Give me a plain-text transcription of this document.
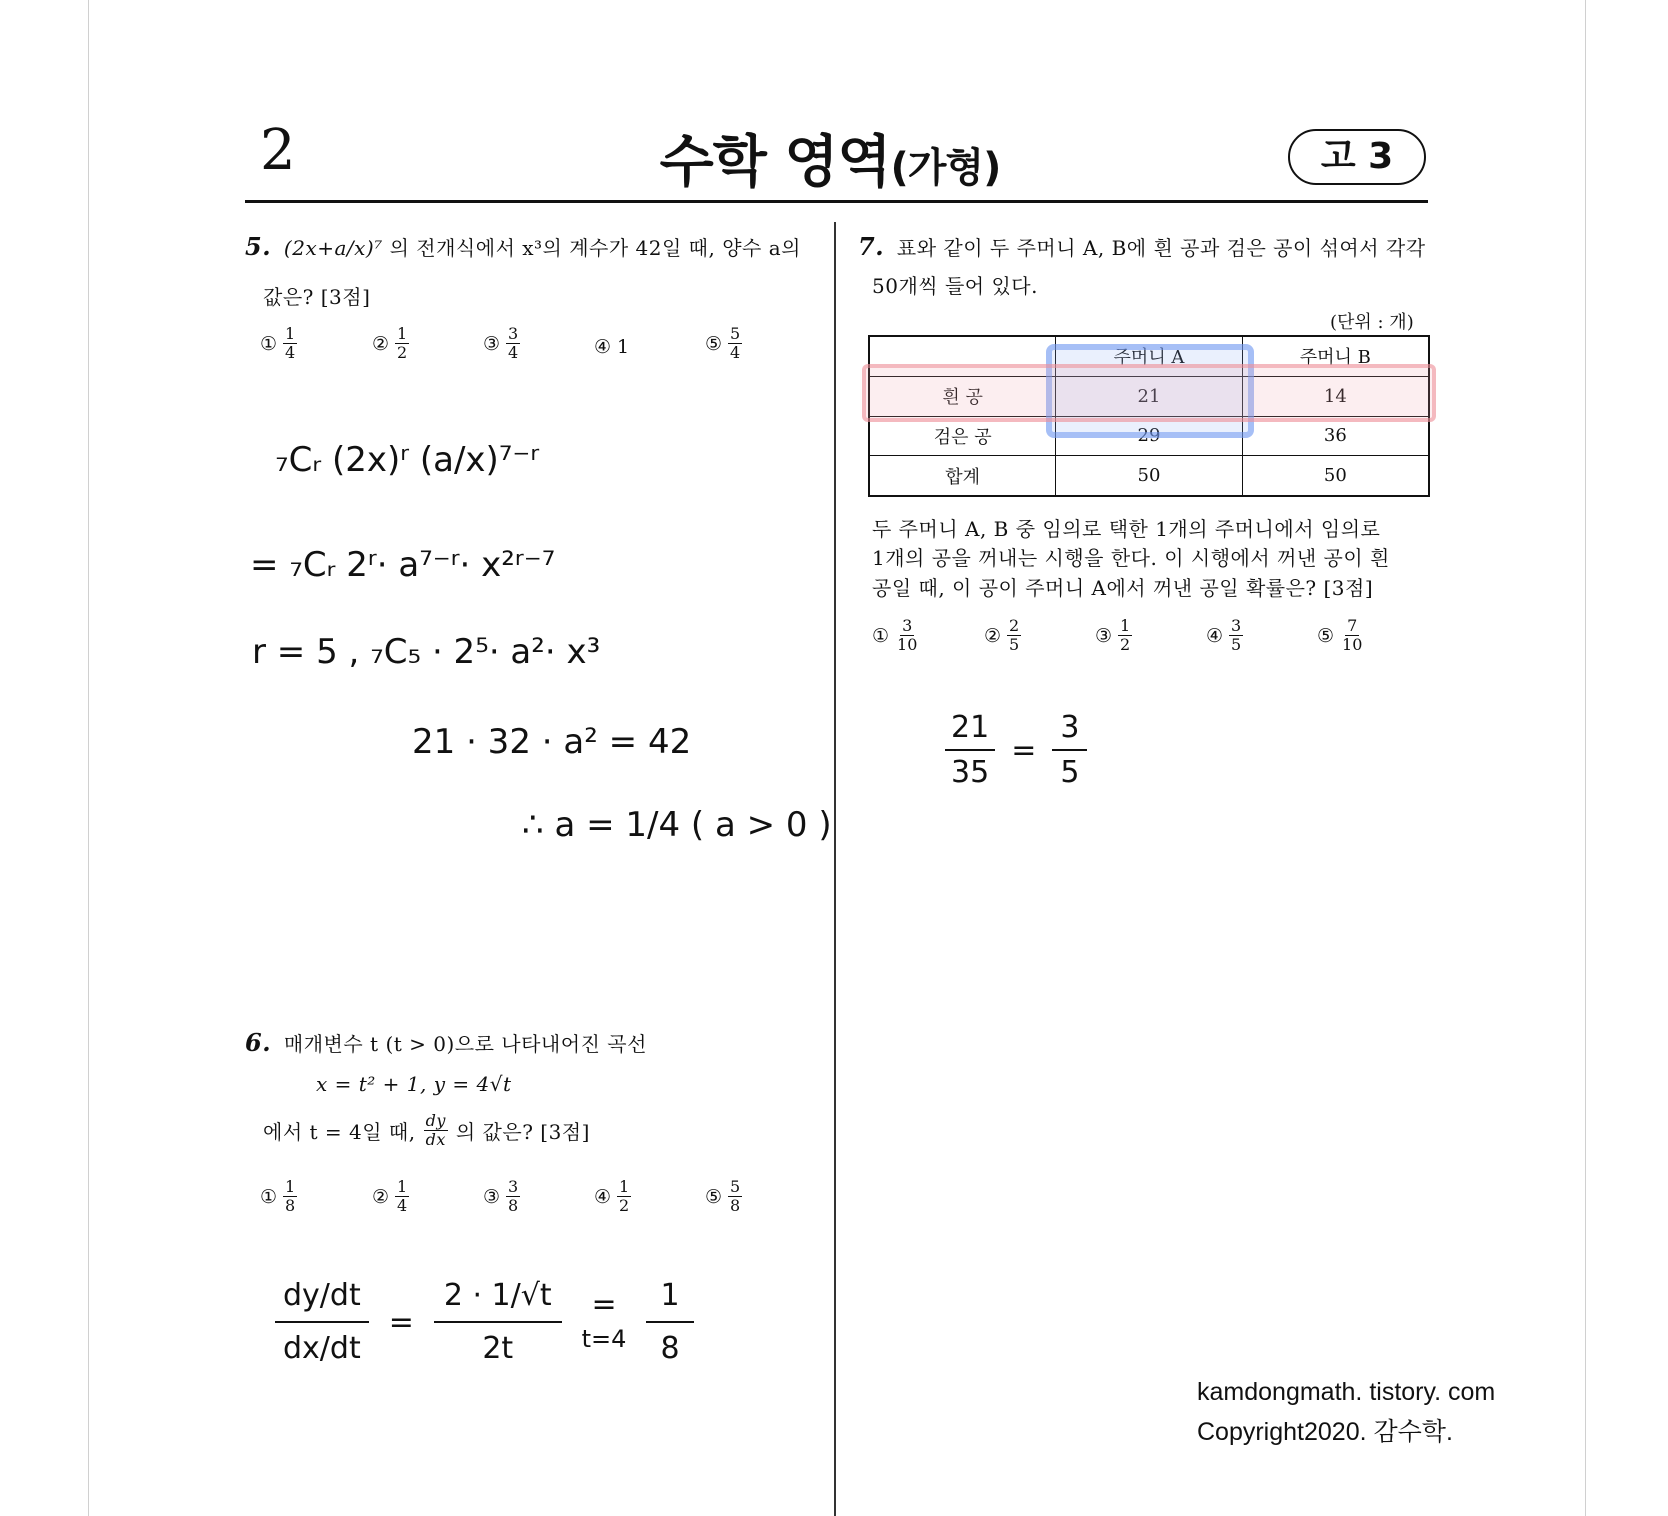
2	수학 영역(가형)	고 3
5. (2x+a/x)⁷ 의 전개식에서 x³의 계수가 42일 때, 양수 a의
값은? [3점]
① $\frac{1}{4}$	② $\frac{1}{2}$	③ $\frac{3}{4}$	④ 1	⑤ $\frac{5}{4}$
₇Cᵣ (2x)ʳ (a/x)⁷⁻ʳ
= ₇Cᵣ 2ʳ· a⁷⁻ʳ· x²ʳ⁻⁷
r = 5 , ₇C₅ · 2⁵· a²· x³
21 · 32 · a² = 42
∴ a = 1/4 ( a > 0 )
6. 매개변수 t (t > 0)으로 나타내어진 곡선
x = t² + 1, y = 4√t
에서 t = 4일 때, $\frac{dy}{dx}$ 의 값은? [3점]
① $\frac{1}{8}$	② $\frac{1}{4}$	③ $\frac{3}{8}$	④ $\frac{1}{2}$	⑤ $\frac{5}{8}$
$\frac{dy/dt}{dx/dt} = \frac{2 \cdot 1/√t}{2t}$ =
$t=4 \frac{1}{8}$
7. 표와 같이 두 주머니 A, B에 흰 공과 검은 공이 섞여서 각각
50개씩 들어 있다.
(단위 : 개)
	주머니 A	주머니 B
흰 공	21	14
검은 공	29	36
합계	50	50
두 주머니 A, B 중 임의로 택한 1개의 주머니에서 임의로
1개의 공을 꺼내는 시행을 한다. 이 시행에서 꺼낸 공이 흰
공일 때, 이 공이 주머니 A에서 꺼낸 공일 확률은? [3점]
① $\frac{3}{10}$	② $\frac{2}{5}$	③ $\frac{1}{2}$	④ $\frac{3}{5}$	⑤ $\frac{7}{10}$
$\frac{21}{35} = \frac{3}{5}$
kamdongmath. tistory. com
Copyright2020. 감수학.
